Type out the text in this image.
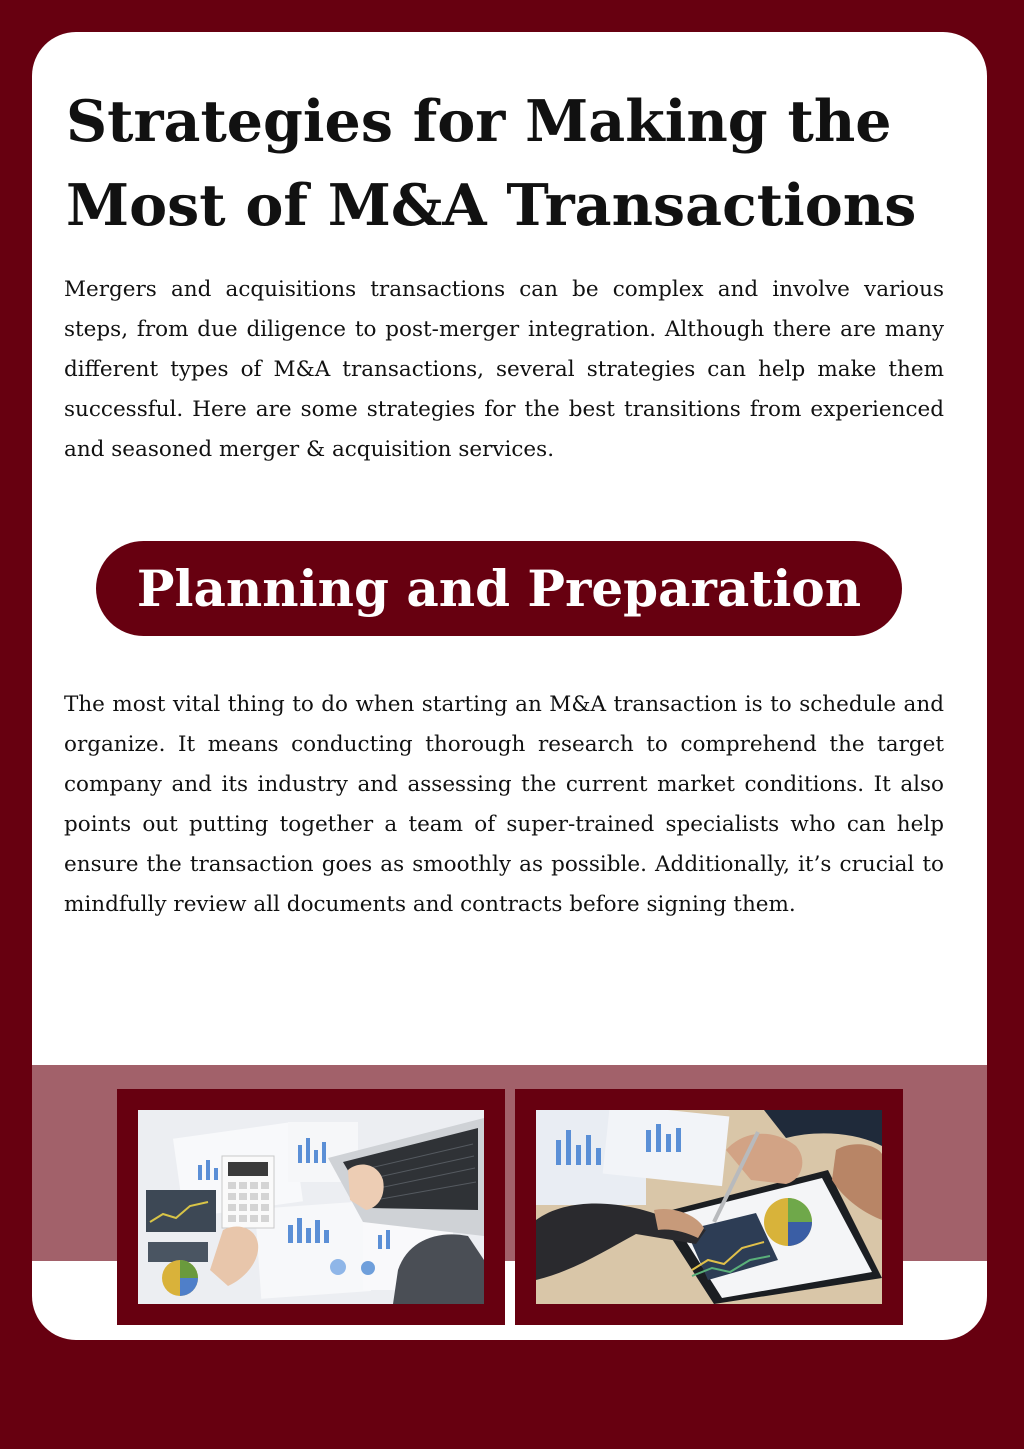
Strategies for Making the Most of M&A Transactions

Mergers and acquisitions transactions can be complex and involve various steps, from due diligence to post-merger integration. Although there are many different types of M&A transactions, several strategies can help make them successful. Here are some strategies for the best transitions from experienced and seasoned merger & acquisition services.

Planning and Preparation

The most vital thing to do when starting an M&A transaction is to schedule and organize. It means conducting thorough research to comprehend the target company and its industry and assessing the current market conditions. It also points out putting together a team of super-trained specialists who can help ensure the transaction goes as smoothly as possible. Additionally, it’s crucial to mindfully review all documents and contracts before signing them.
